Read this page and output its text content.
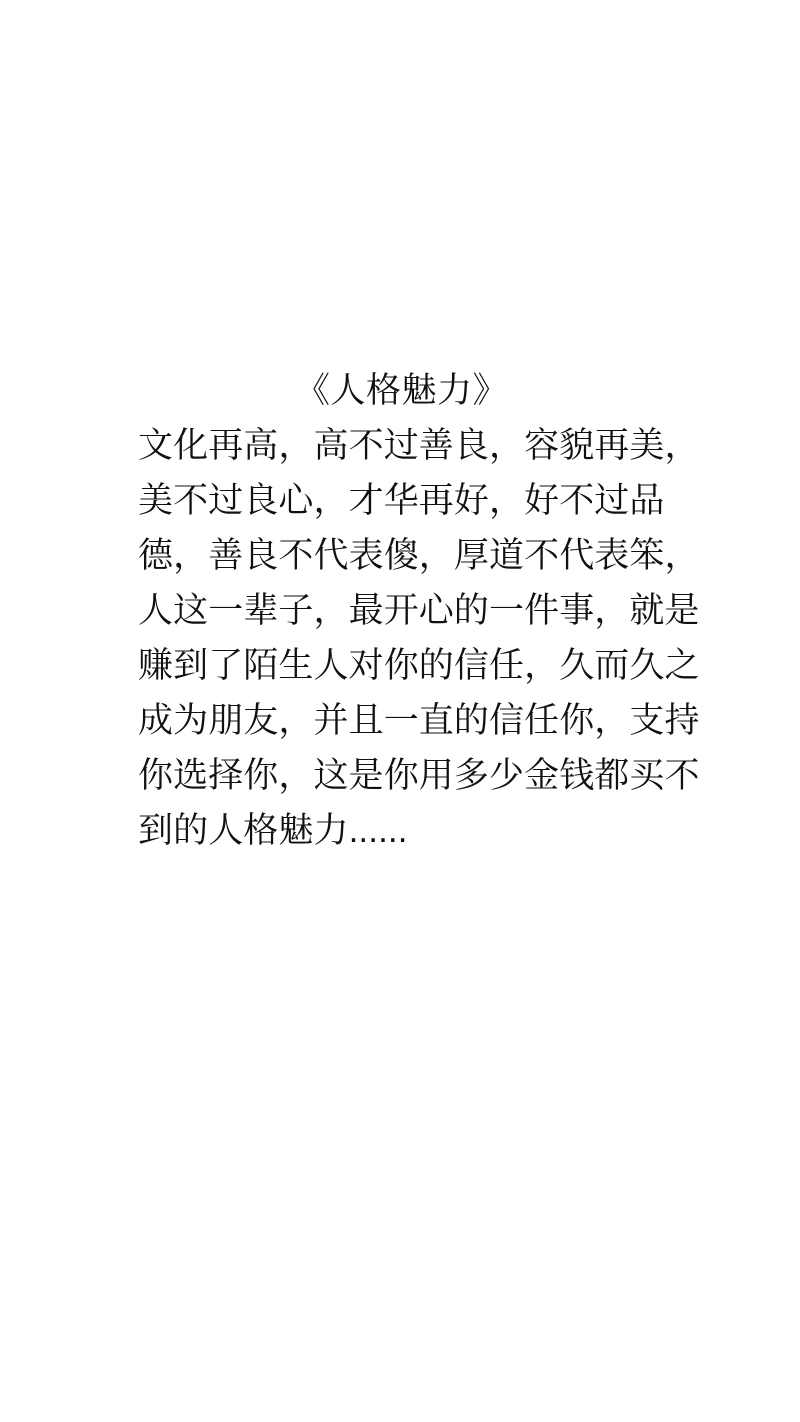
《人格魅力》
文化再高，高不过善良，容貌再美，
美不过良心，才华再好，好不过品
德，善良不代表傻，厚道不代表笨，
人这一辈子，最开心的一件事，就是
赚到了陌生人对你的信任，久而久之
成为朋友，并且一直的信任你，支持
你选择你，这是你用多少金钱都买不
到的人格魅力......
